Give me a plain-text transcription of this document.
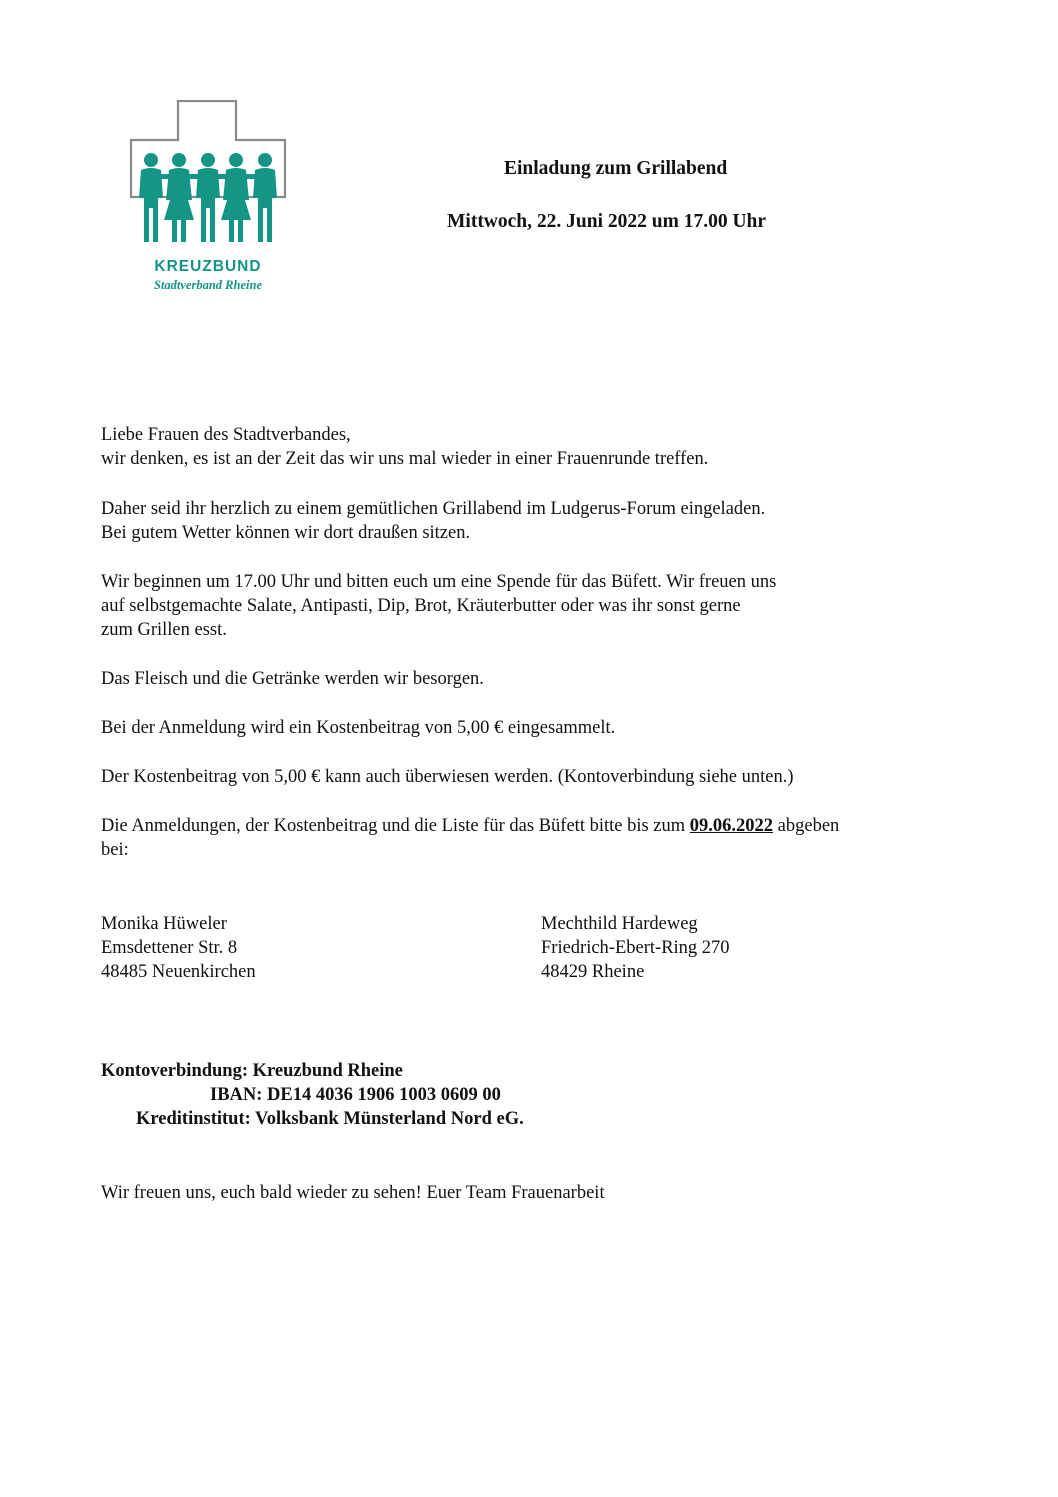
KREUZBUND
Stadtverband Rheine
Einladung zum Grillabend
Mittwoch, 22. Juni 2022 um 17.00 Uhr

Liebe Frauen des Stadtverbandes,

wir denken, es ist an der Zeit das wir uns mal wieder in einer Frauenrunde treffen.

Daher seid ihr herzlich zu einem gemütlichen Grillabend im Ludgerus-Forum eingeladen.

Bei gutem Wetter können wir dort draußen sitzen.

Wir beginnen um 17.00 Uhr und bitten euch um eine Spende für das Büfett. Wir freuen uns

auf selbstgemachte Salate, Antipasti, Dip, Brot, Kräuterbutter oder was ihr sonst gerne

zum Grillen esst.

Das Fleisch und die Getränke werden wir besorgen.

Bei der Anmeldung wird ein Kostenbeitrag von 5,00 € eingesammelt.

Der Kostenbeitrag von 5,00 € kann auch überwiesen werden. (Kontoverbindung siehe unten.)

Die Anmeldungen, der Kostenbeitrag und die Liste für das Büfett bitte bis zum 09.06.2022 abgeben

bei:

Monika Hüweler
Emsdettener Str. 8
48485 Neuenkirchen
Mechthild Hardeweg
Friedrich-Ebert-Ring 270
48429 Rheine
Kontoverbindung: Kreuzbund Rheine
IBAN: DE14 4036 1906 1003 0609 00
Kreditinstitut: Volksbank Münsterland Nord eG.
Wir freuen uns, euch bald wieder zu sehen! Euer Team Frauenarbeit
